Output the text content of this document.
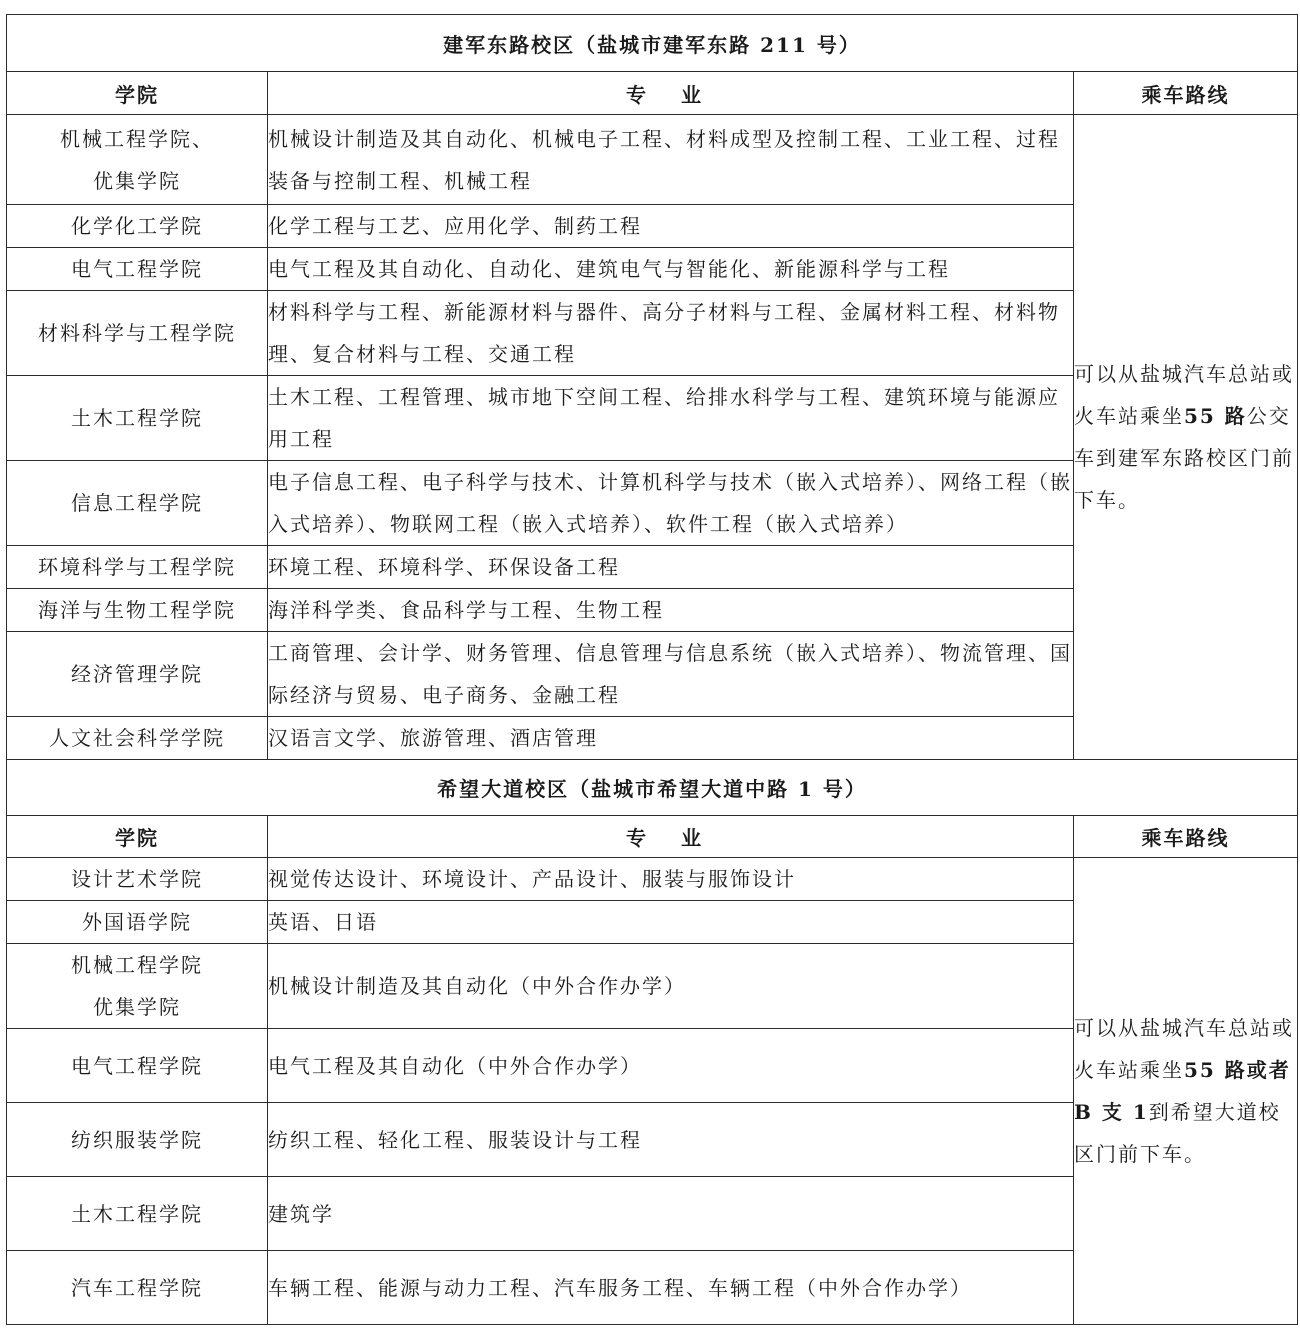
建军东路校区（盐城市建军东路 211 号）		
学院	专 业	乘车路线
机械工程学院、
优集学院	机械设计制造及其自动化、机械电子工程、材料成型及控制工程、工业工程、过程装备与控制工程、机械工程	可以从盐城汽车总站或火车站乘坐55 路公交车到建军东路校区门前下车。
化学化工学院	化学工程与工艺、应用化学、制药工程	
电气工程学院	电气工程及其自动化、自动化、建筑电气与智能化、新能源科学与工程	
材料科学与工程学院	材料科学与工程、新能源材料与器件、高分子材料与工程、金属材料工程、材料物理、复合材料与工程、交通工程	
土木工程学院	土木工程、工程管理、城市地下空间工程、给排水科学与工程、建筑环境与能源应用工程	
信息工程学院	电子信息工程、电子科学与技术、计算机科学与技术（嵌入式培养）、网络工程（嵌入式培养）、物联网工程（嵌入式培养）、软件工程（嵌入式培养）	
环境科学与工程学院	环境工程、环境科学、环保设备工程	
海洋与生物工程学院	海洋科学类、食品科学与工程、生物工程	
经济管理学院	工商管理、会计学、财务管理、信息管理与信息系统（嵌入式培养）、物流管理、国际经济与贸易、电子商务、金融工程	
人文社会科学学院	汉语言文学、旅游管理、酒店管理	
希望大道校区（盐城市希望大道中路 1 号）		
学院	专 业	乘车路线
设计艺术学院	视觉传达设计、环境设计、产品设计、服装与服饰设计	可以从盐城汽车总站或火车站乘坐55 路或者 B 支 1到希望大道校区门前下车。
外国语学院	英语、日语	
机械工程学院
优集学院	机械设计制造及其自动化（中外合作办学）	
电气工程学院	电气工程及其自动化（中外合作办学）	
纺织服装学院	纺织工程、轻化工程、服装设计与工程	
土木工程学院	建筑学	
汽车工程学院	车辆工程、能源与动力工程、汽车服务工程、车辆工程（中外合作办学）	
